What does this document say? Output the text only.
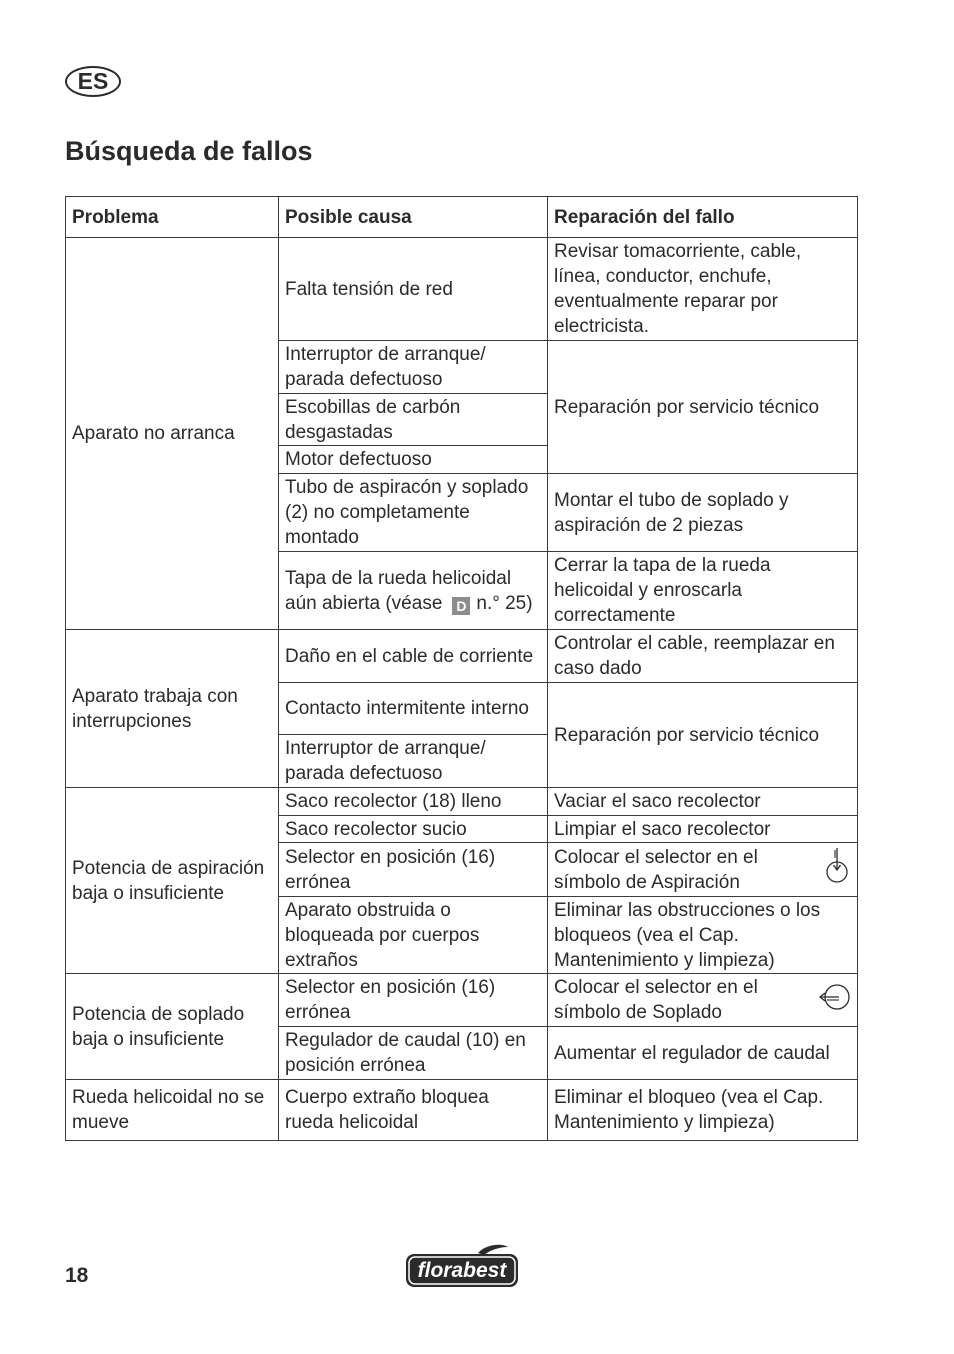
ES
Búsqueda de fallos
Problema	Posible causa	Reparación del fallo
Aparato no arranca	Falta tensión de red	Revisar tomacorriente, cable, línea, conductor, enchufe, eventualmente reparar por electricista.
	Interruptor de arranque/ parada defectuoso	Reparación por servicio técnico
	Escobillas de carbón desgastadas	
	Motor defectuoso	
	Tubo de aspiracón y soplado (2) no completamente montado	Montar el tubo de soplado y aspiración de 2 piezas
	Tapa de la rueda helicoidal aún abierta (véase D n.° 25)	Cerrar la tapa de la rueda helicoidal y enroscarla correctamente
Aparato trabaja con interrupciones	Daño en el cable de corriente	Controlar el cable, reemplazar en caso dado
	Contacto intermitente interno	Reparación por servicio técnico
	Interruptor de arranque/ parada defectuoso	
Potencia de aspiración baja o insuficiente	Saco recolector (18) lleno	Vaciar el saco recolector
	Saco recolector sucio	Limpiar el saco recolector
	Selector en posición (16) errónea	Colocar el selector en el símbolo de Aspiración

	Aparato obstruida o bloqueada por cuerpos extraños	Eliminar las obstrucciones o los bloqueos (vea el Cap. Mantenimiento y limpieza)
Potencia de soplado baja o insuficiente	Selector en posición (16) errónea	Colocar el selector en el símbolo de Soplado

	Regulador de caudal (10) en posición errónea	Aumentar el regulador de caudal
Rueda helicoidal no se mueve	Cuerpo extraño bloquea rueda helicoidal	Eliminar el bloqueo (vea el Cap. Mantenimiento y limpieza)
18	florabest
